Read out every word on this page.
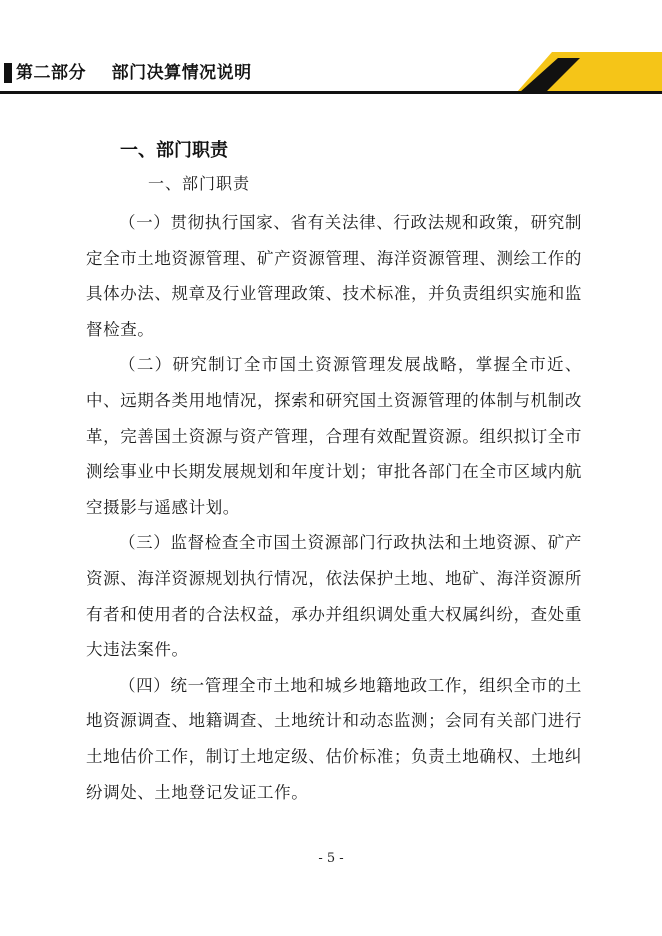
第二部分    部门决算情况说明
一、部门职责
一、部门职责

（一）贯彻执行国家、省有关法律、行政法规和政策，研究制定全市土地资源管理、矿产资源管理、海洋资源管理、测绘工作的具体办法、规章及行业管理政策、技术标准，并负责组织实施和监督检查。

（二）研究制订全市国土资源管理发展战略，掌握全市近、中、远期各类用地情况，探索和研究国土资源管理的体制与机制改革，完善国土资源与资产管理，合理有效配置资源。组织拟订全市测绘事业中长期发展规划和年度计划；审批各部门在全市区域内航空摄影与遥感计划。

（三）监督检查全市国土资源部门行政执法和土地资源、矿产资源、海洋资源规划执行情况，依法保护土地、地矿、海洋资源所有者和使用者的合法权益，承办并组织调处重大权属纠纷，查处重大违法案件。

（四）统一管理全市土地和城乡地籍地政工作，组织全市的土地资源调查、地籍调查、土地统计和动态监测；会同有关部门进行土地估价工作，制订土地定级、估价标准；负责土地确权、土地纠纷调处、土地登记发证工作。

- 5 -
